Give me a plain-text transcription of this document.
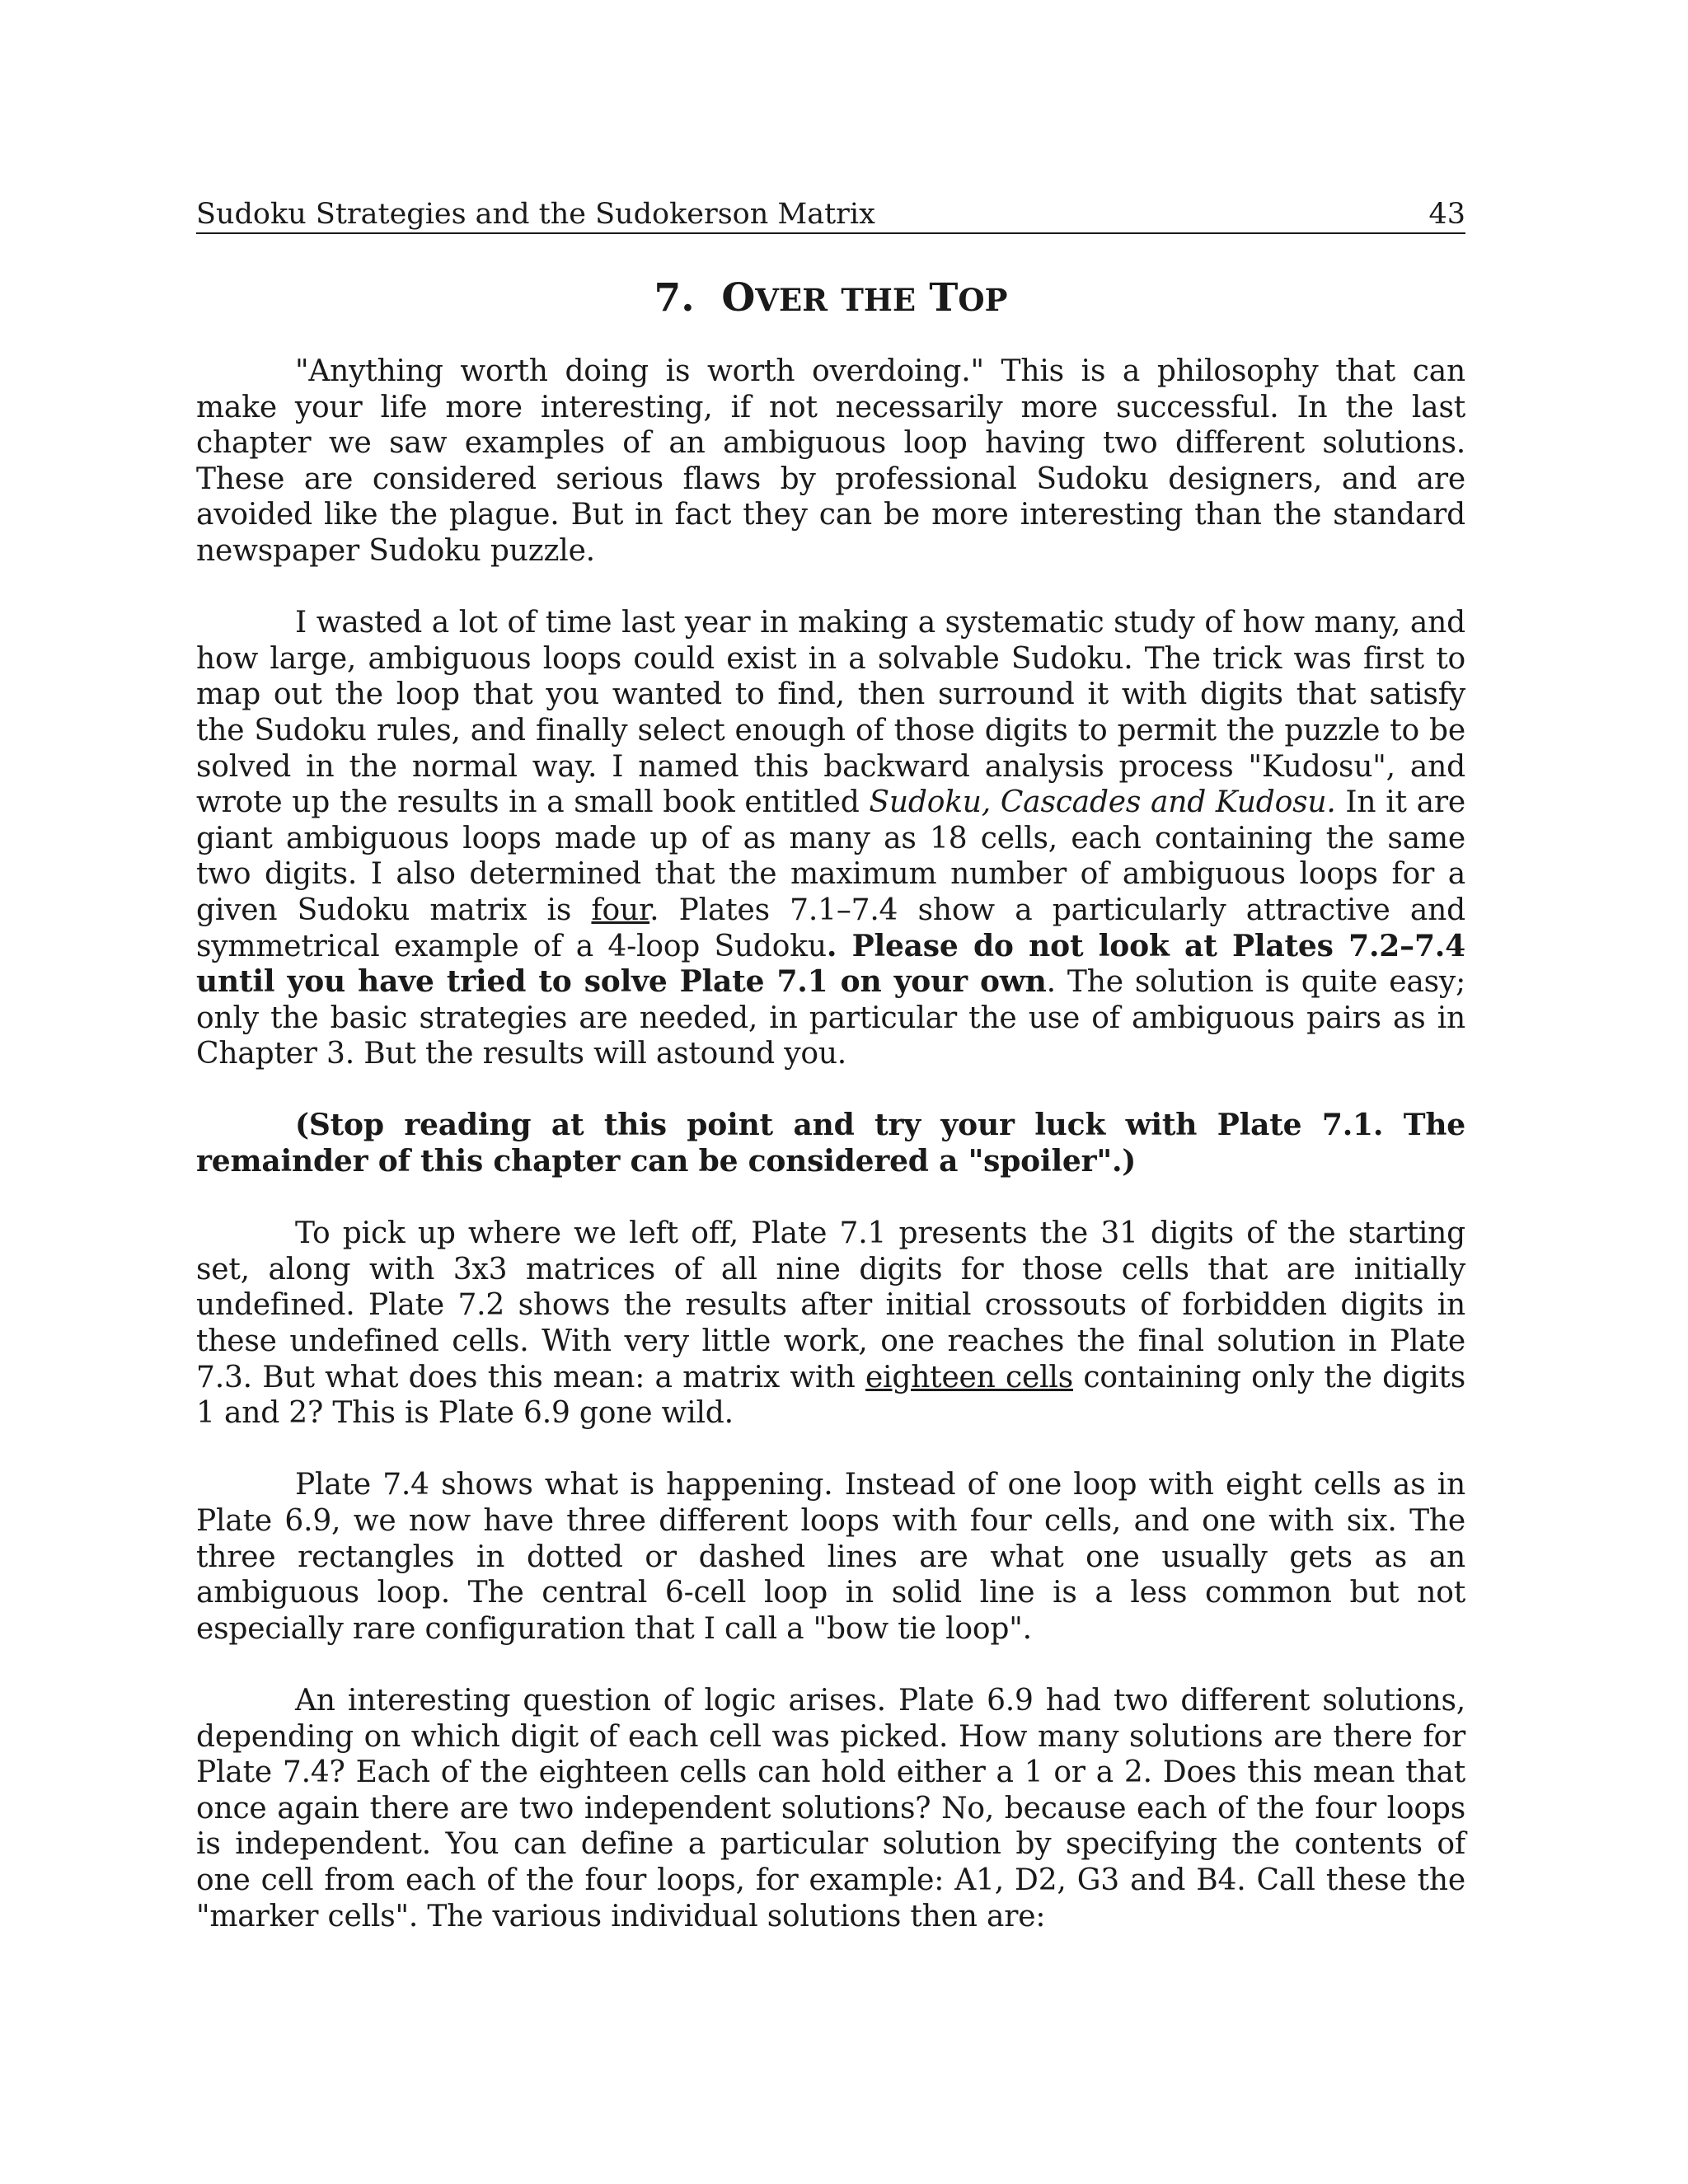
Sudoku Strategies and the Sudokerson Matrix	43
7. OVER THE TOP

"Anything worth doing is worth overdoing." This is a philosophy that can make your life more interesting, if not necessarily more successful. In the last chapter we saw examples of an ambiguous loop having two different solutions. These are considered serious flaws by professional Sudoku designers, and are avoided like the plague. But in fact they can be more interesting than the standard newspaper Sudoku puzzle.

I wasted a lot of time last year in making a systematic study of how many, and how large, ambiguous loops could exist in a solvable Sudoku. The trick was first to map out the loop that you wanted to find, then surround it with digits that satisfy the Sudoku rules, and finally select enough of those digits to permit the puzzle to be solved in the normal way. I named this backward analysis process "Kudosu", and wrote up the results in a small book entitled Sudoku, Cascades and Kudosu. In it are giant ambiguous loops made up of as many as 18 cells, each containing the same two digits. I also determined that the maximum number of ambiguous loops for a given Sudoku matrix is four. Plates 7.1–7.4 show a particularly attractive and symmetrical example of a 4-loop Sudoku. Please do not look at Plates 7.2–7.4 until you have tried to solve Plate 7.1 on your own. The solution is quite easy; only the basic strategies are needed, in particular the use of ambiguous pairs as in Chapter 3. But the results will astound you.

(Stop reading at this point and try your luck with Plate 7.1. The remainder of this chapter can be considered a "spoiler".)

To pick up where we left off, Plate 7.1 presents the 31 digits of the starting set, along with 3x3 matrices of all nine digits for those cells that are initially undefined. Plate 7.2 shows the results after initial crossouts of forbidden digits in these undefined cells. With very little work, one reaches the final solution in Plate 7.3. But what does this mean: a matrix with eighteen cells containing only the digits 1 and 2? This is Plate 6.9 gone wild.

Plate 7.4 shows what is happening. Instead of one loop with eight cells as in Plate 6.9, we now have three different loops with four cells, and one with six. The three rectangles in dotted or dashed lines are what one usually gets as an ambiguous loop. The central 6-cell loop in solid line is a less common but not especially rare configuration that I call a "bow tie loop".

An interesting question of logic arises. Plate 6.9 had two different solutions, depending on which digit of each cell was picked. How many solutions are there for Plate 7.4? Each of the eighteen cells can hold either a 1 or a 2. Does this mean that once again there are two independent solutions? No, because each of the four loops is independent. You can define a particular solution by specifying the contents of one cell from each of the four loops, for example: A1, D2, G3 and B4. Call these the "marker cells". The various individual solutions then are:
